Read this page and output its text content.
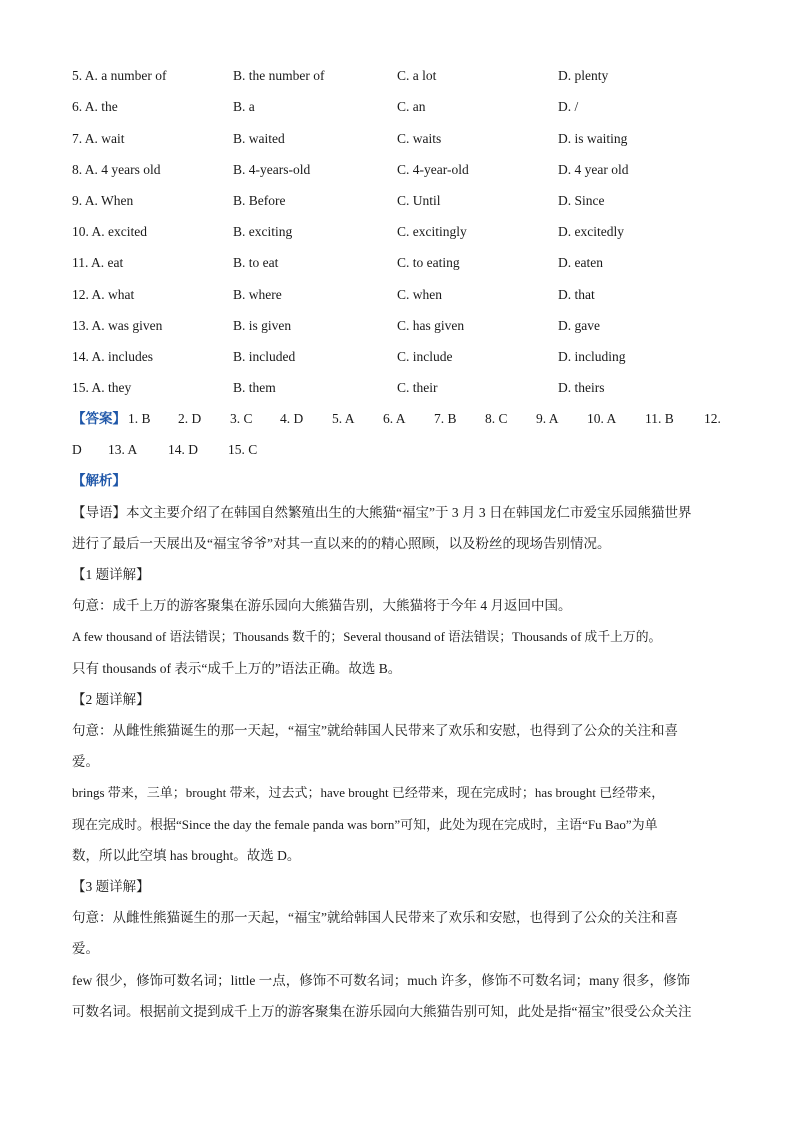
5. A. a number of	B. the number of	C. a lot	D. plenty
6. A. the	B. a	C. an	D. /
7. A. wait	B. waited	C. waits	D. is waiting
8. A. 4 years old	B. 4-years-old	C. 4-year-old	D. 4 year old
9. A. When	B. Before	C. Until	D. Since
10. A. excited	B. exciting	C. excitingly	D. excitedly
11. A. eat	B. to eat	C. to eating	D. eaten
12. A. what	B. where	C. when	D. that
13. A. was given	B. is given	C. has given	D. gave
14. A. includes	B. included	C. include	D. including
15. A. they	B. them	C. their	D. theirs
【答案】 1. B 2. D 3. C 4. D 5. A 6. A 7. B 8. C 9. A 10. A 11. B 12.
D 13. A 14. D 15. C
【解析】
【导语】本文主要介绍了在韩国自然繁殖出生的大熊猫“福宝”于 3 月 3 日在韩国龙仁市爱宝乐园熊猫世界
进行了最后一天展出及“福宝爷爷”对其一直以来的的精心照顾，以及粉丝的现场告别情况。
【1 题详解】
句意：成千上万的游客聚集在游乐园向大熊猫告别，大熊猫将于今年 4 月返回中国。
A few thousand of 语法错误；Thousands 数千的；Several thousand of 语法错误；Thousands of 成千上万的。
只有 thousands of 表示“成千上万的”语法正确。故选 B。
【2 题详解】
句意：从雌性熊猫诞生的那一天起，“福宝”就给韩国人民带来了欢乐和安慰，也得到了公众的关注和喜
爱。
brings 带来，三单；brought 带来，过去式；have brought 已经带来，现在完成时；has brought 已经带来，
现在完成时。根据“Since the day the female panda was born”可知，此处为现在完成时，主语“Fu Bao”为单
数，所以此空填 has brought。故选 D。
【3 题详解】
句意：从雌性熊猫诞生的那一天起，“福宝”就给韩国人民带来了欢乐和安慰，也得到了公众的关注和喜
爱。
few 很少，修饰可数名词；little 一点，修饰不可数名词；much 许多，修饰不可数名词；many 很多，修饰
可数名词。根据前文提到成千上万的游客聚集在游乐园向大熊猫告别可知，此处是指“福宝”很受公众关注
